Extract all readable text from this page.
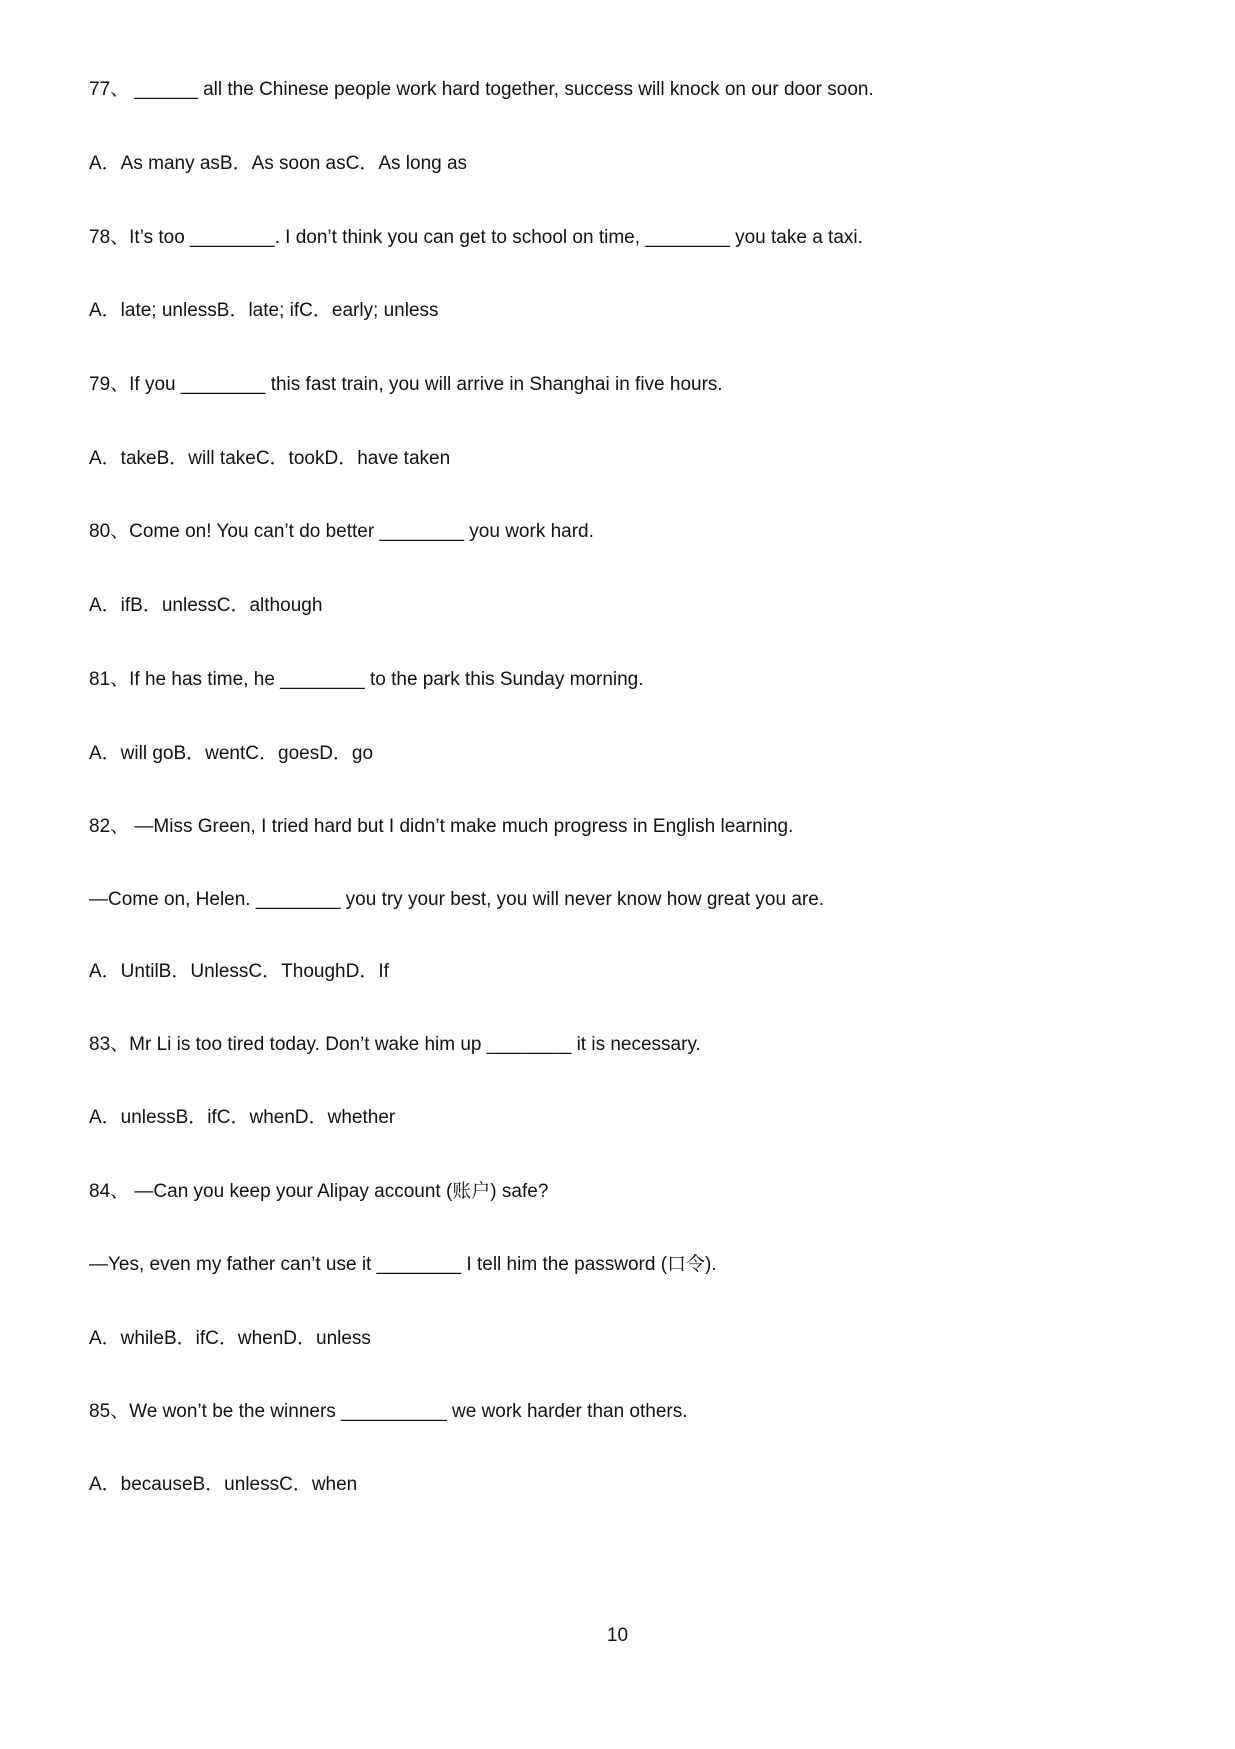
77、 ______ all the Chinese people work hard together, success will knock on our door soon.
A．As many asB．As soon asC．As long as
78、It’s too ________. I don’t think you can get to school on time, ________ you take a taxi.
A．late; unlessB．late; ifC．early; unless
79、If you ________ this fast train, you will arrive in Shanghai in five hours.
A．takeB．will takeC．tookD．have taken
80、Come on! You can’t do better ________ you work hard.
A．ifB．unlessC．although
81、If he has time, he ________ to the park this Sunday morning.
A．will goB．wentC．goesD．go
82、 —Miss Green, I tried hard but I didn’t make much progress in English learning.
—Come on, Helen. ________ you try your best, you will never know how great you are.
A．UntilB．UnlessC．ThoughD．If
83、Mr Li is too tired today. Don’t wake him up ________ it is necessary.
A．unlessB．ifC．whenD．whether
84、 —Can you keep your Alipay account (账户) safe?
—Yes, even my father can’t use it ________ I tell him the password (口令).
A．whileB．ifC．whenD．unless
85、We won’t be the winners __________ we work harder than others.
A．becauseB．unlessC．when
10
